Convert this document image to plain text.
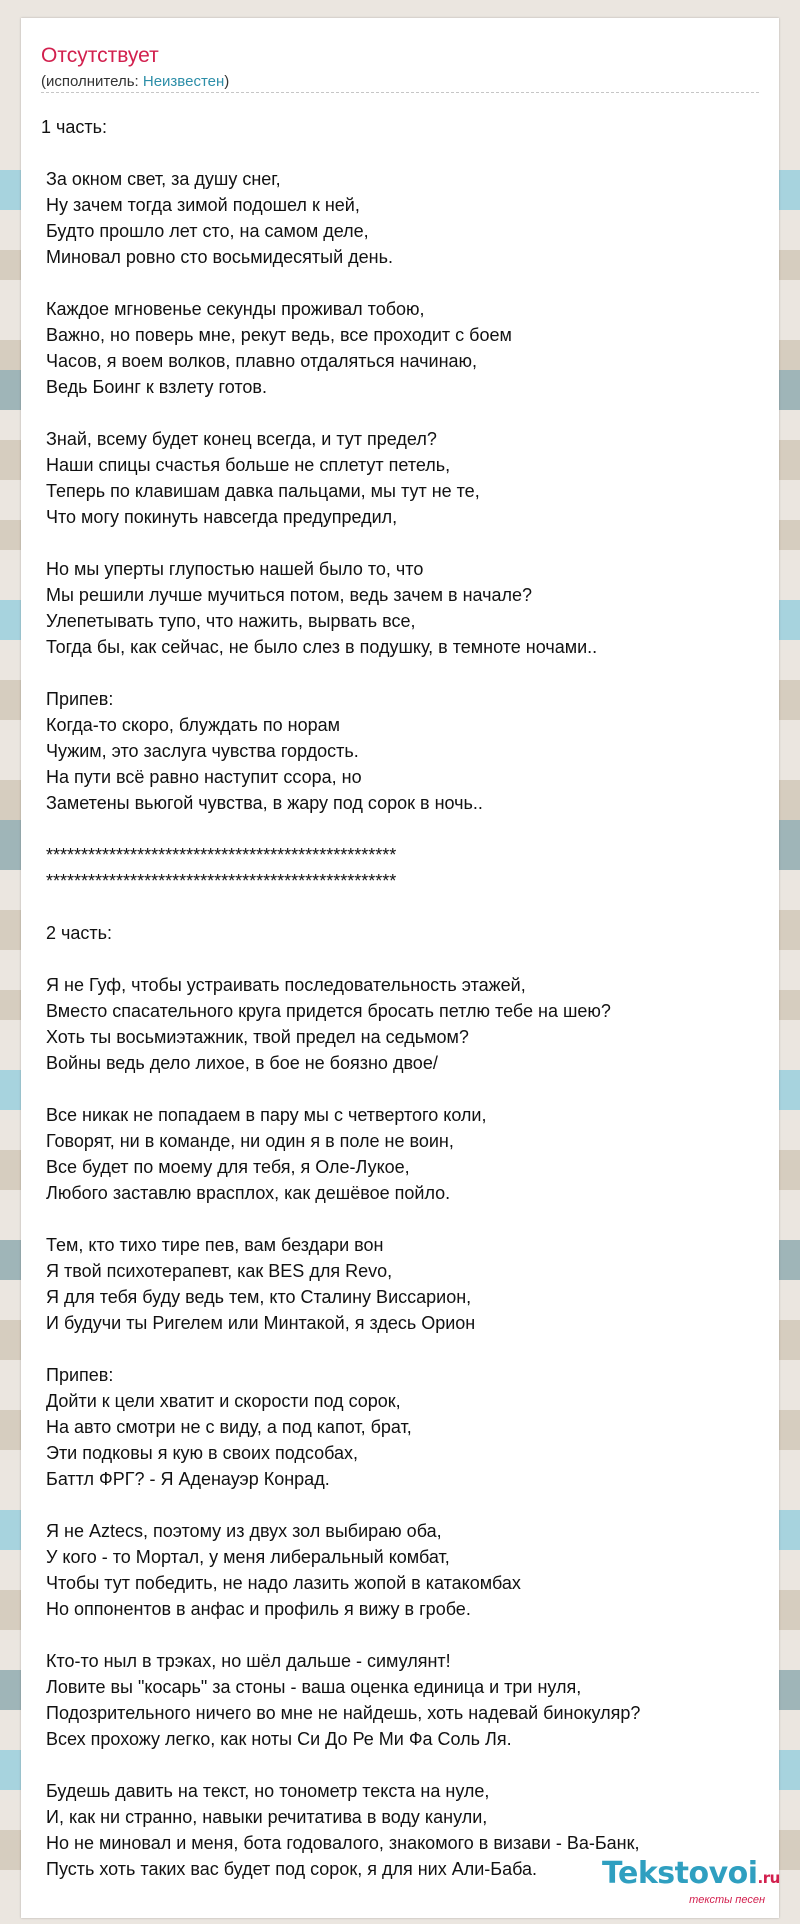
Отсутствует
(исполнитель: Неизвестен)
1 часть:
За окном свет, за душу снег,
Ну зачем тогда зимой подошел к ней,
Будто прошло лет сто, на самом деле,
Миновал ровно сто восьмидесятый день.
Каждое мгновенье секунды проживал тобою,
Важно, но поверь мне, рекут ведь, все проходит с боем
Часов, я воем волков, плавно отдаляться начинаю,
Ведь Боинг к взлету готов.
Знай, всему будет конец всегда, и тут предел?
Наши спицы счастья больше не сплетут петель,
Теперь по клавишам давка пальцами, мы тут не те,
Что могу покинуть навсегда предупредил,
Но мы уперты глупостью нашей было то, что
Мы решили лучше мучиться потом, ведь зачем в начале?
Улепетывать тупо, что нажить, вырвать все,
Тогда бы, как сейчас, не было слез в подушку, в темноте ночами..
Припев:
Когда-то скоро, блуждать по норам
Чужим, это заслуга чувства гордость.
На пути всё равно наступит ссора, но
Заметены вьюгой чувства, в жару под сорок в ночь..
**************************************************
**************************************************
2 часть:
Я не Гуф, чтобы устраивать последовательность этажей,
Вместо спасательного круга придется бросать петлю тебе на шею?
Хоть ты восьмиэтажник, твой предел на седьмом?
Войны ведь дело лихое, в бое не боязно двое/
Все никак не попадаем в пару мы с четвертого коли,
Говорят, ни в команде, ни один я в поле не воин,
Все будет по моему для тебя, я Оле-Лукое,
Любого заставлю врасплох, как дешёвое пойло.
Тем, кто тихо тире пев, вам бездари вон
Я твой психотерапевт, как BES для Revo,
Я для тебя буду ведь тем, кто Сталину Виссарион,
И будучи ты Ригелем или Минтакой, я здесь Орион
Припев:
Дойти к цели хватит и скорости под сорок,
На авто смотри не с виду, а под капот, брат,
Эти подковы я кую в своих подсобах,
Баттл ФРГ? - Я Аденауэр Конрад.
Я не Aztecs, поэтому из двух зол выбираю оба,
У кого - то Мортал, у меня либеральный комбат,
Чтобы тут победить, не надо лазить жопой в катакомбах
Но оппонентов в анфас и профиль я вижу в гробе.
Кто-то ныл в трэках, но шёл дальше - симулянт!
Ловите вы "косарь" за стоны - ваша оценка единица и три нуля,
Подозрительного ничего во мне не найдешь, хоть надевай бинокуляр?
Всех прохожу легко, как ноты Си До Ре Ми Фа Соль Ля.
Будешь давить на текст, но тонометр текста на нуле,
И, как ни странно, навыки речитатива в воду канули,
Но не миновал и меня, бота годовалого, знакомого в визави - Ва-Банк,
Пусть хоть таких вас будет под сорок, я для них Али-Баба.	Tekstovoi.ru
тексты песен
